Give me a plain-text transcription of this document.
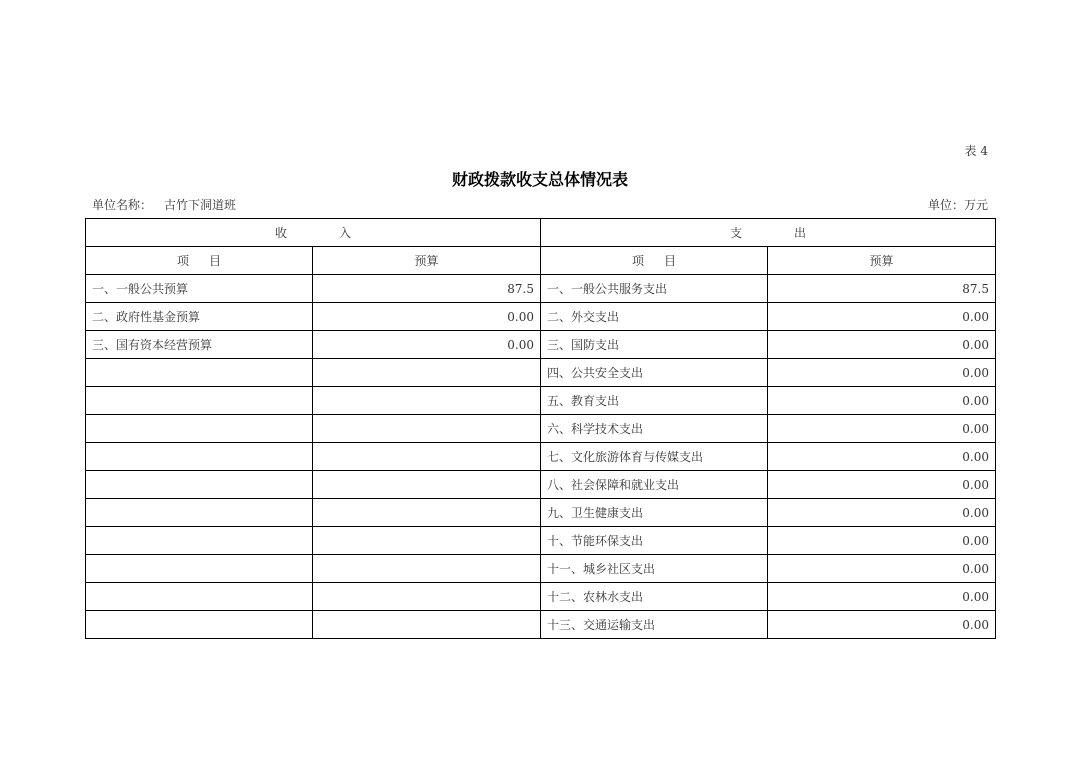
表 4
财政拨款收支总体情况表
单位名称： 古竹下洞道班	单位：万元
收 入		支 出	
项 目	预算	项 目	预算
一、一般公共预算	87.5	一、一般公共服务支出	87.5
二、政府性基金预算	0.00	二、外交支出	0.00
三、国有资本经营预算	0.00	三、国防支出	0.00
		四、公共安全支出	0.00
		五、教育支出	0.00
		六、科学技术支出	0.00
		七、文化旅游体育与传媒支出	0.00
		八、社会保障和就业支出	0.00
		九、卫生健康支出	0.00
		十、节能环保支出	0.00
		十一、城乡社区支出	0.00
		十二、农林水支出	0.00
		十三、交通运输支出	0.00
